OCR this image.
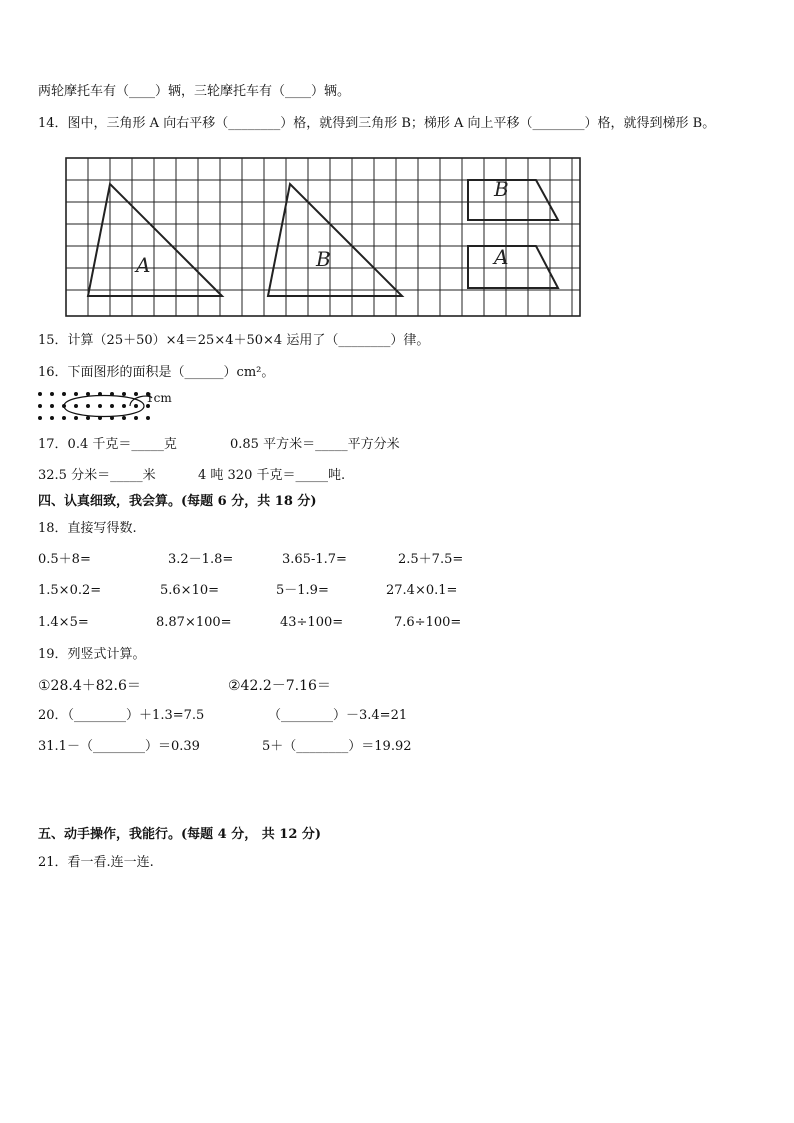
两轮摩托车有（____）辆，三轮摩托车有（____）辆。
14．图中，三角形 A 向右平移（________）格，就得到三角形 B；梯形 A 向上平移（________）格，就得到梯形 B。
A	B
B
A
15．计算（25＋50）×4＝25×4＋50×4 运用了（________）律。
16．下面图形的面积是（______）cm²。
1cm
17．0.4 千克＝_____克	0.85 平方米＝_____平方分米
32.5 分米＝_____米	4 吨 320 千克＝_____吨.
四、认真细致，我会算。(每题 6 分，共 18 分)
18．直接写得数.
0.5＋8=	3.2－1.8=	3.65-1.7=	2.5＋7.5=
1.5×0.2=	5.6×10=	5－1.9=	27.4×0.1=
1.4×5=	8.87×100=	43÷100=	7.6÷100=
19．列竖式计算。
①28.4＋82.6＝	②42.2－7.16＝
20．（________）＋1.3=7.5	（________）－3.4=21
31.1－（________）＝0.39	5＋（________）＝19.92
五、动手操作，我能行。(每题 4 分， 共 12 分)
21．看一看.连一连.
